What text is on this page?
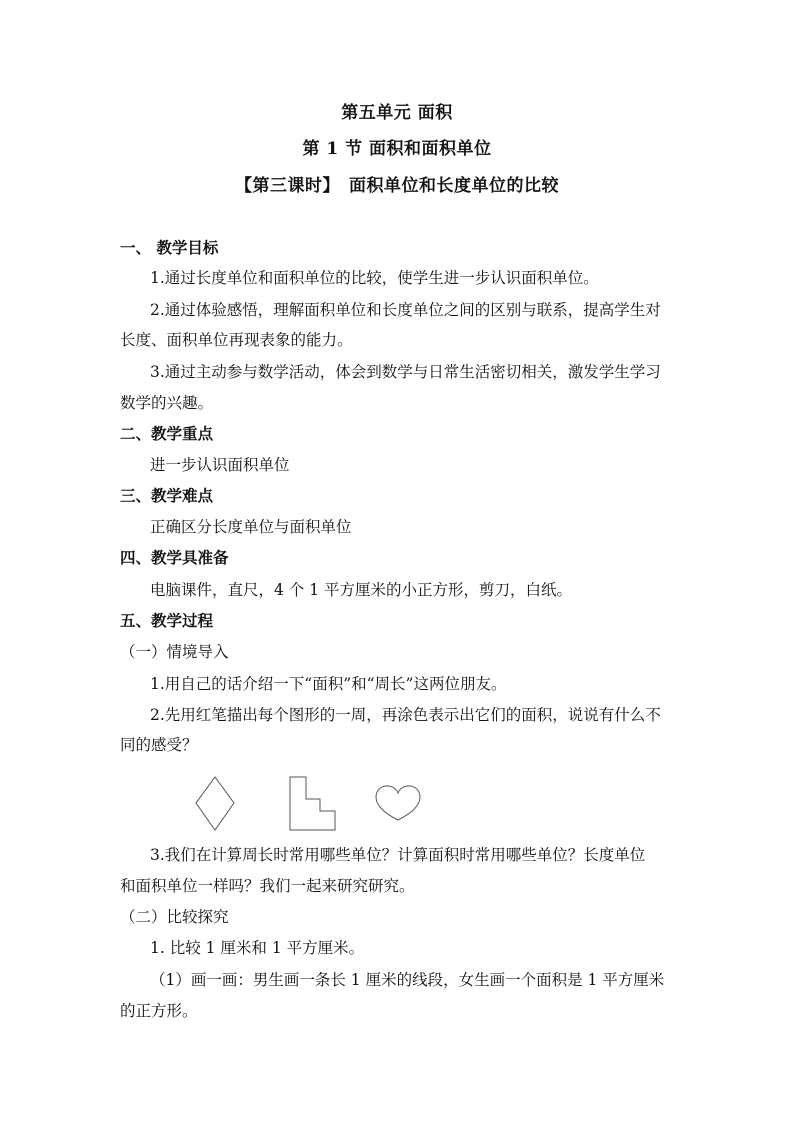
第五单元 面积
第 1 节 面积和面积单位
【第三课时】　面积单位和长度单位的比较
一、 教学目标
1.通过长度单位和面积单位的比较，使学生进一步认识面积单位。
2.通过体验感悟，理解面积单位和长度单位之间的区别与联系，提高学生对
长度、面积单位再现表象的能力。
3.通过主动参与数学活动，体会到数学与日常生活密切相关，激发学生学习
数学的兴趣。
二、教学重点
进一步认识面积单位
三、教学难点
正确区分长度单位与面积单位
四、教学具准备
电脑课件，直尺，4 个 1 平方厘米的小正方形，剪刀，白纸。
五、教学过程
（一）情境导入
1.用自己的话介绍一下“面积”和“周长”这两位朋友。
2.先用红笔描出每个图形的一周，再涂色表示出它们的面积，说说有什么不
同的感受？
3.我们在计算周长时常用哪些单位？计算面积时常用哪些单位？长度单位
和面积单位一样吗？我们一起来研究研究。
（二）比较探究
1. 比较 1 厘米和 1 平方厘米。
（1）画一画：男生画一条长 1 厘米的线段，女生画一个面积是 1 平方厘米
的正方形。
